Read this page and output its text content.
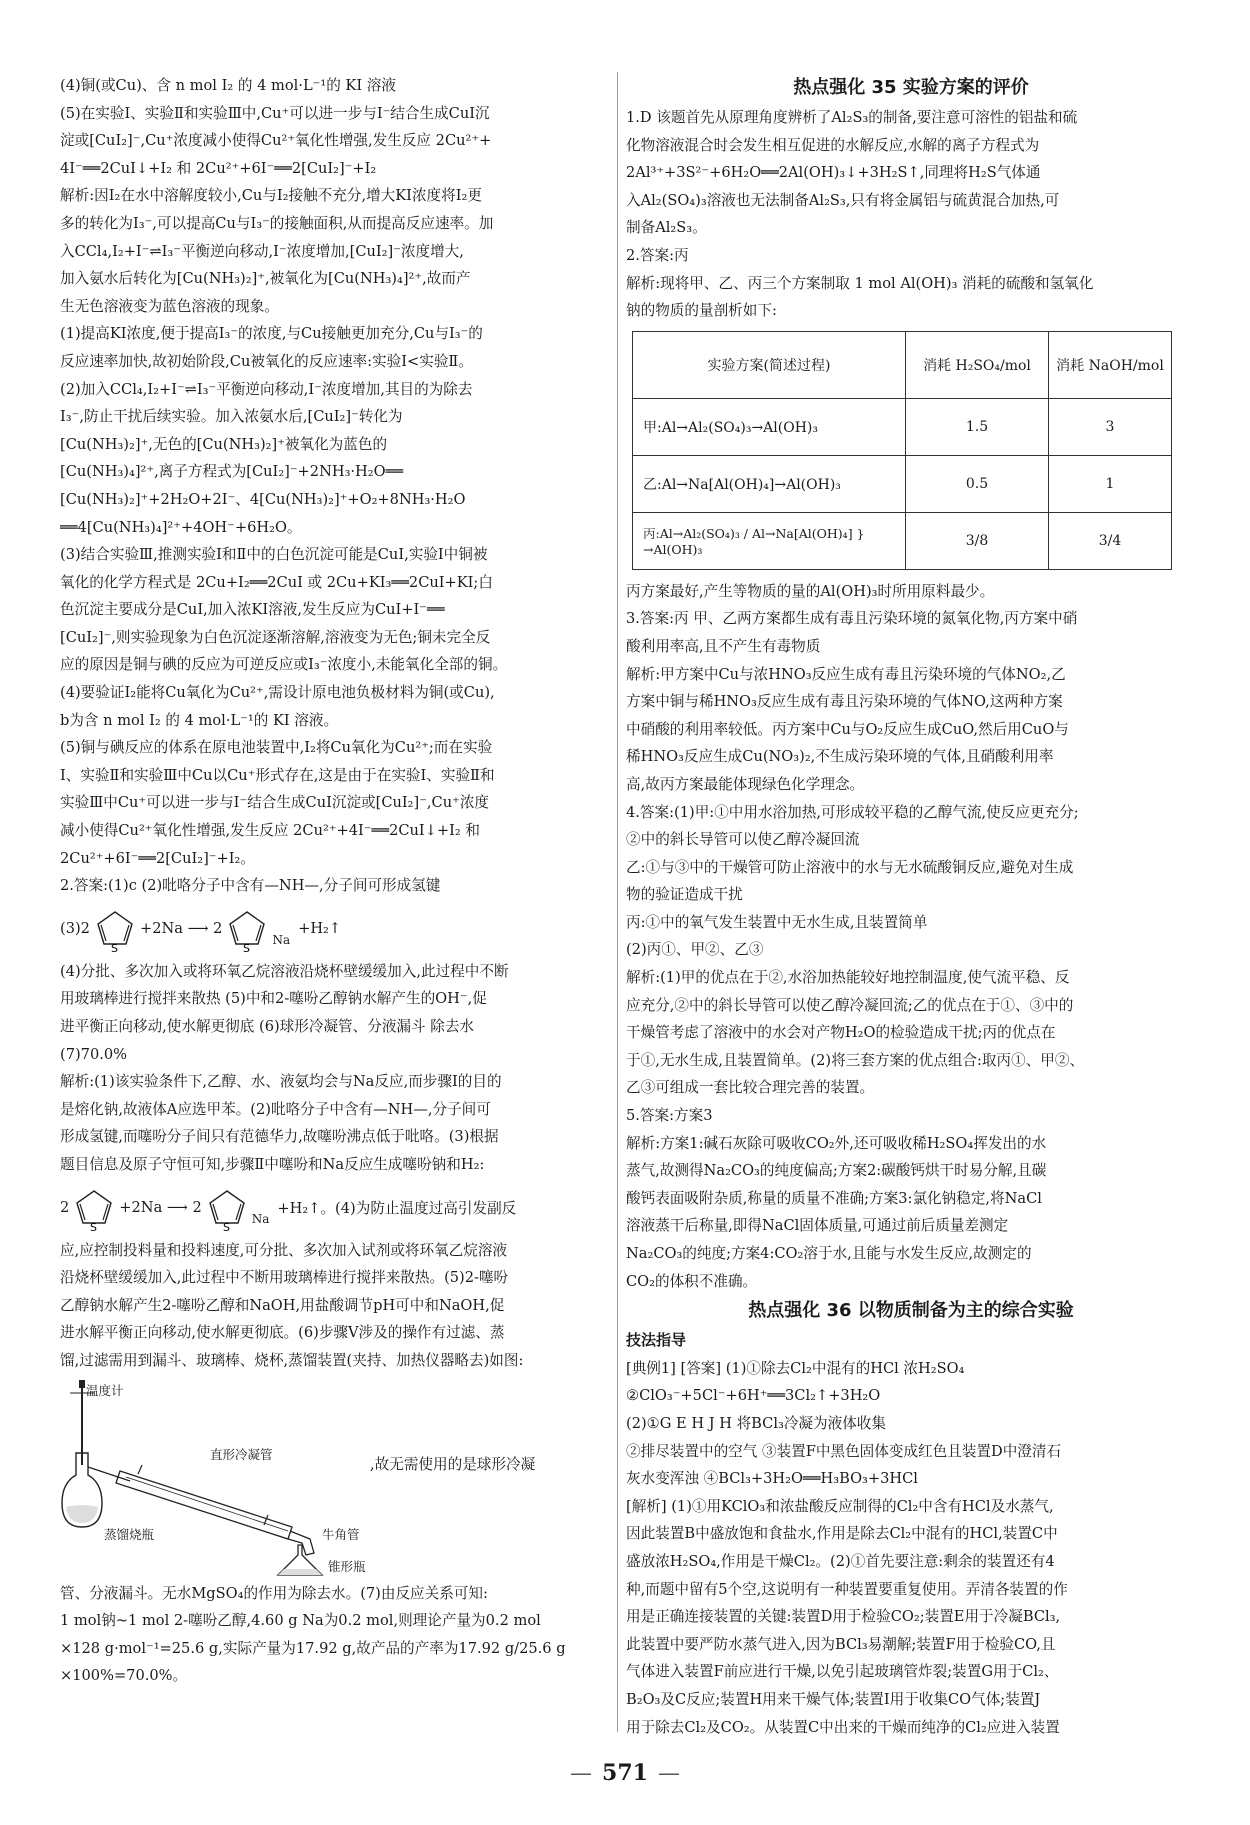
(4)铜(或Cu)、含 n mol I₂ 的 4 mol·L⁻¹的 KI 溶液
(5)在实验Ⅰ、实验Ⅱ和实验Ⅲ中,Cu⁺可以进一步与I⁻结合生成CuI沉
淀或[CuI₂]⁻,Cu⁺浓度减小使得Cu²⁺氧化性增强,发生反应 2Cu²⁺+
4I⁻══2CuI↓+I₂ 和 2Cu²⁺+6I⁻══2[CuI₂]⁻+I₂
解析:因I₂在水中溶解度较小,Cu与I₂接触不充分,增大KI浓度将I₂更
多的转化为I₃⁻,可以提高Cu与I₃⁻的接触面积,从而提高反应速率。加
入CCl₄,I₂+I⁻⇌I₃⁻平衡逆向移动,I⁻浓度增加,[CuI₂]⁻浓度增大,
加入氨水后转化为[Cu(NH₃)₂]⁺,被氧化为[Cu(NH₃)₄]²⁺,故而产
生无色溶液变为蓝色溶液的现象。
(1)提高KI浓度,便于提高I₃⁻的浓度,与Cu接触更加充分,Cu与I₃⁻的
反应速率加快,故初始阶段,Cu被氧化的反应速率:实验Ⅰ<实验Ⅱ。
(2)加入CCl₄,I₂+I⁻⇌I₃⁻平衡逆向移动,I⁻浓度增加,其目的为除去
I₃⁻,防止干扰后续实验。加入浓氨水后,[CuI₂]⁻转化为
[Cu(NH₃)₂]⁺,无色的[Cu(NH₃)₂]⁺被氧化为蓝色的
[Cu(NH₃)₄]²⁺,离子方程式为[CuI₂]⁻+2NH₃·H₂O══
[Cu(NH₃)₂]⁺+2H₂O+2I⁻、4[Cu(NH₃)₂]⁺+O₂+8NH₃·H₂O
══4[Cu(NH₃)₄]²⁺+4OH⁻+6H₂O。
(3)结合实验Ⅲ,推测实验Ⅰ和Ⅱ中的白色沉淀可能是CuI,实验Ⅰ中铜被
氧化的化学方程式是 2Cu+I₂══2CuI 或 2Cu+KI₃══2CuI+KI;白
色沉淀主要成分是CuI,加入浓KI溶液,发生反应为CuI+I⁻══
[CuI₂]⁻,则实验现象为白色沉淀逐渐溶解,溶液变为无色;铜未完全反
应的原因是铜与碘的反应为可逆反应或I₃⁻浓度小,未能氧化全部的铜。
(4)要验证I₂能将Cu氧化为Cu²⁺,需设计原电池负极材料为铜(或Cu),
b为含 n mol I₂ 的 4 mol·L⁻¹的 KI 溶液。
(5)铜与碘反应的体系在原电池装置中,I₂将Cu氧化为Cu²⁺;而在实验
Ⅰ、实验Ⅱ和实验Ⅲ中Cu以Cu⁺形式存在,这是由于在实验Ⅰ、实验Ⅱ和
实验Ⅲ中Cu⁺可以进一步与I⁻结合生成CuI沉淀或[CuI₂]⁻,Cu⁺浓度
减小使得Cu²⁺氧化性增强,发生反应 2Cu²⁺+4I⁻══2CuI↓+I₂ 和
2Cu²⁺+6I⁻══2[CuI₂]⁻+I₂。
2.答案:(1)c (2)吡咯分子中含有—NH—,分子间可形成氢键
(3)2
S
+2Na ⟶ 2
S
Na
+H₂↑
(4)分批、多次加入或将环氧乙烷溶液沿烧杯壁缓缓加入,此过程中不断
用玻璃棒进行搅拌来散热 (5)中和2-噻吩乙醇钠水解产生的OH⁻,促
进平衡正向移动,使水解更彻底 (6)球形冷凝管、分液漏斗 除去水
(7)70.0%
解析:(1)该实验条件下,乙醇、水、液氨均会与Na反应,而步骤Ⅰ的目的
是熔化钠,故液体A应选甲苯。(2)吡咯分子中含有—NH—,分子间可
形成氢键,而噻吩分子间只有范德华力,故噻吩沸点低于吡咯。(3)根据
题目信息及原子守恒可知,步骤Ⅱ中噻吩和Na反应生成噻吩钠和H₂:
2
S
+2Na ⟶ 2
S
Na
+H₂↑。(4)为防止温度过高引发副反
应,应控制投料量和投料速度,可分批、多次加入试剂或将环氧乙烷溶液
沿烧杯壁缓缓加入,此过程中不断用玻璃棒进行搅拌来散热。(5)2-噻吩
乙醇钠水解产生2-噻吩乙醇和NaOH,用盐酸调节pH可中和NaOH,促
进水解平衡正向移动,使水解更彻底。(6)步骤Ⅴ涉及的操作有过滤、蒸
馏,过滤需用到漏斗、玻璃棒、烧杯,蒸馏装置(夹持、加热仪器略去)如图:
温度计
直形冷凝管
蒸馏烧瓶	牛角管
锥形瓶
,故无需使用的是球形冷凝
管、分液漏斗。无水MgSO₄的作用为除去水。(7)由反应关系可知:
1 mol钠~1 mol 2-噻吩乙醇,4.60 g Na为0.2 mol,则理论产量为0.2 mol
×128 g·mol⁻¹=25.6 g,实际产量为17.92 g,故产品的产率为17.92 g/25.6 g
×100%=70.0%。
热点强化 35 实验方案的评价
1.D 该题首先从原理角度辨析了Al₂S₃的制备,要注意可溶性的铝盐和硫
化物溶液混合时会发生相互促进的水解反应,水解的离子方程式为
2Al³⁺+3S²⁻+6H₂O══2Al(OH)₃↓+3H₂S↑,同理将H₂S气体通
入Al₂(SO₄)₃溶液也无法制备Al₂S₃,只有将金属铝与硫黄混合加热,可
制备Al₂S₃。
2.答案:丙
解析:现将甲、乙、丙三个方案制取 1 mol Al(OH)₃ 消耗的硫酸和氢氧化
钠的物质的量剖析如下:
实验方案(简述过程)	消耗 H₂SO₄/mol	消耗 NaOH/mol
甲:Al→Al₂(SO₄)₃→Al(OH)₃	1.5	3
乙:Al→Na[Al(OH)₄]→Al(OH)₃	0.5	1
丙:Al→Al₂(SO₄)₃ / Al→Na[Al(OH)₄] }→Al(OH)₃	3/8	3/4
丙方案最好,产生等物质的量的Al(OH)₃时所用原料最少。
3.答案:丙 甲、乙两方案都生成有毒且污染环境的氮氧化物,丙方案中硝
酸利用率高,且不产生有毒物质
解析:甲方案中Cu与浓HNO₃反应生成有毒且污染环境的气体NO₂,乙
方案中铜与稀HNO₃反应生成有毒且污染环境的气体NO,这两种方案
中硝酸的利用率较低。丙方案中Cu与O₂反应生成CuO,然后用CuO与
稀HNO₃反应生成Cu(NO₃)₂,不生成污染环境的气体,且硝酸利用率
高,故丙方案最能体现绿色化学理念。
4.答案:(1)甲:①中用水浴加热,可形成较平稳的乙醇气流,使反应更充分;
②中的斜长导管可以使乙醇冷凝回流
乙:①与③中的干燥管可防止溶液中的水与无水硫酸铜反应,避免对生成
物的验证造成干扰
丙:①中的氧气发生装置中无水生成,且装置简单
(2)丙①、甲②、乙③
解析:(1)甲的优点在于②,水浴加热能较好地控制温度,使气流平稳、反
应充分,②中的斜长导管可以使乙醇冷凝回流;乙的优点在于①、③中的
干燥管考虑了溶液中的水会对产物H₂O的检验造成干扰;丙的优点在
于①,无水生成,且装置简单。(2)将三套方案的优点组合:取丙①、甲②、
乙③可组成一套比较合理完善的装置。
5.答案:方案3
解析:方案1:碱石灰除可吸收CO₂外,还可吸收稀H₂SO₄挥发出的水
蒸气,故测得Na₂CO₃的纯度偏高;方案2:碳酸钙烘干时易分解,且碳
酸钙表面吸附杂质,称量的质量不准确;方案3:氯化钠稳定,将NaCl
溶液蒸干后称量,即得NaCl固体质量,可通过前后质量差测定
Na₂CO₃的纯度;方案4:CO₂溶于水,且能与水发生反应,故测定的
CO₂的体积不准确。
热点强化 36 以物质制备为主的综合实验
技法指导
[典例1] [答案] (1)①除去Cl₂中混有的HCl 浓H₂SO₄
②ClO₃⁻+5Cl⁻+6H⁺══3Cl₂↑+3H₂O
(2)①G E H J H 将BCl₃冷凝为液体收集
②排尽装置中的空气 ③装置F中黑色固体变成红色且装置D中澄清石
灰水变浑浊 ④BCl₃+3H₂O══H₃BO₃+3HCl
[解析] (1)①用KClO₃和浓盐酸反应制得的Cl₂中含有HCl及水蒸气,
因此装置B中盛放饱和食盐水,作用是除去Cl₂中混有的HCl,装置C中
盛放浓H₂SO₄,作用是干燥Cl₂。(2)①首先要注意:剩余的装置还有4
种,而题中留有5个空,这说明有一种装置要重复使用。弄清各装置的作
用是正确连接装置的关键:装置D用于检验CO₂;装置E用于冷凝BCl₃,
此装置中要严防水蒸气进入,因为BCl₃易潮解;装置F用于检验CO,且
气体进入装置F前应进行干燥,以免引起玻璃管炸裂;装置G用于Cl₂、
B₂O₃及C反应;装置H用来干燥气体;装置I用于收集CO气体;装置J
用于除去Cl₂及CO₂。从装置C中出来的干燥而纯净的Cl₂应进入装置
— 571 —
